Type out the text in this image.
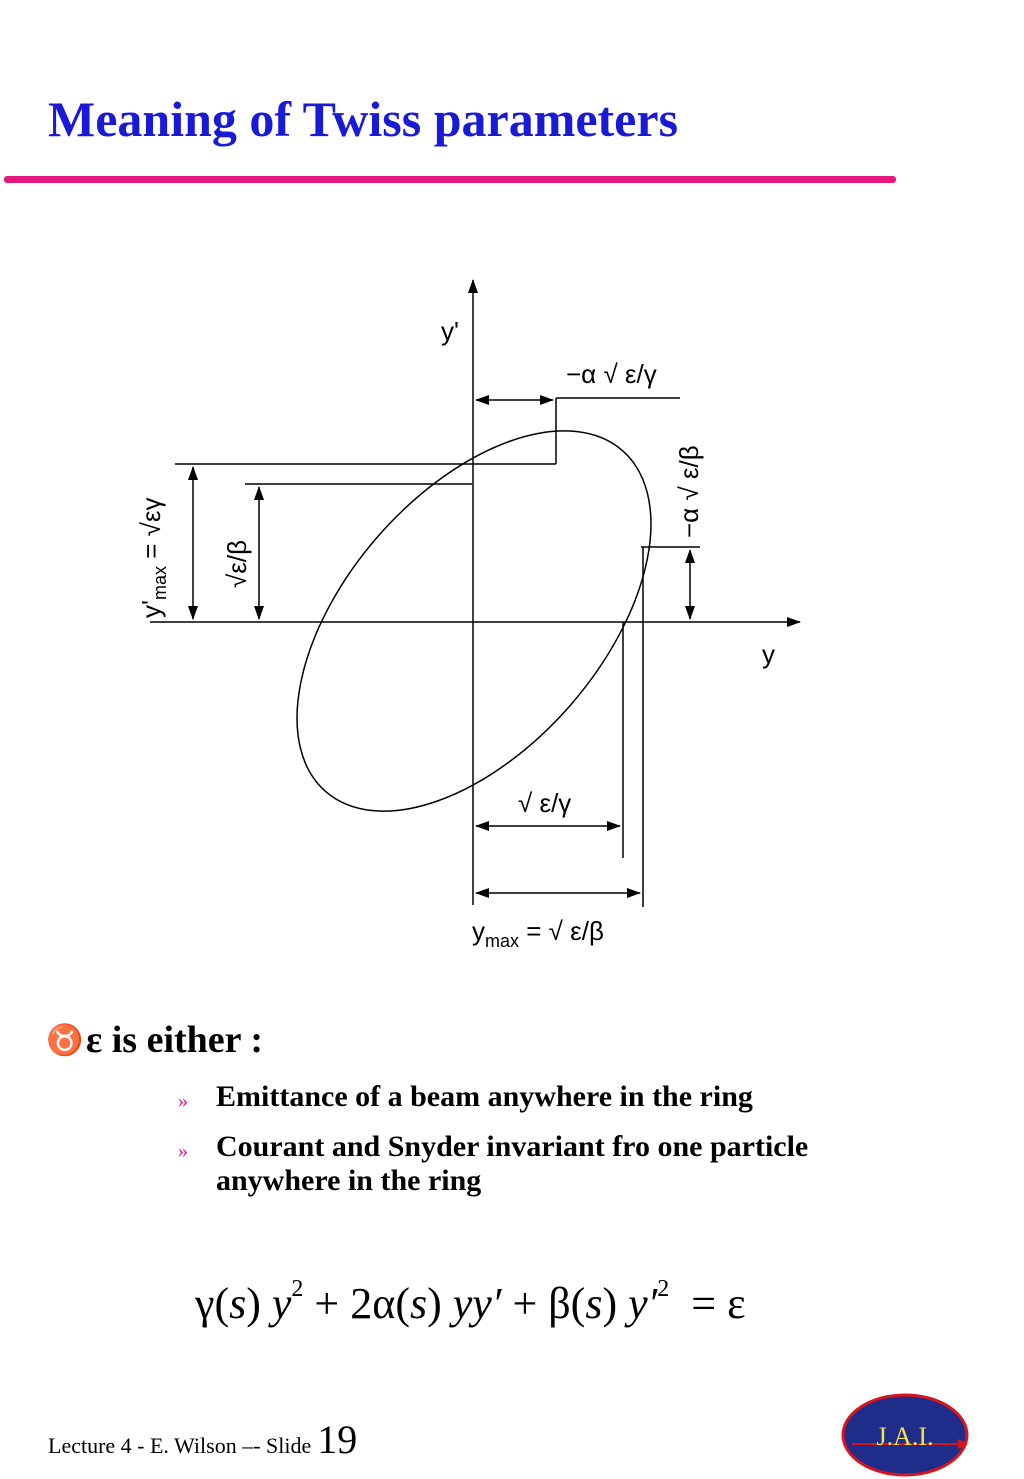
Meaning of Twiss parameters
y'
y
−α √ ε/γ
−α √ ε/β
$y'_{max} = √\varepsilon\gamma$ √ε/β
√ ε/γ
$y_{max}$ = √ ε/β
♉ ε is either :
» Emittance of a beam anywhere in the ring
» Courant and Snyder invariant fro one particle anywhere in the ring
γ(s) $y^2 + 2\alpha(s) yy' + \beta(s) y'^2 = \varepsilon$
Lecture 4 - E. Wilson –- Slide 19	J.A.I.
